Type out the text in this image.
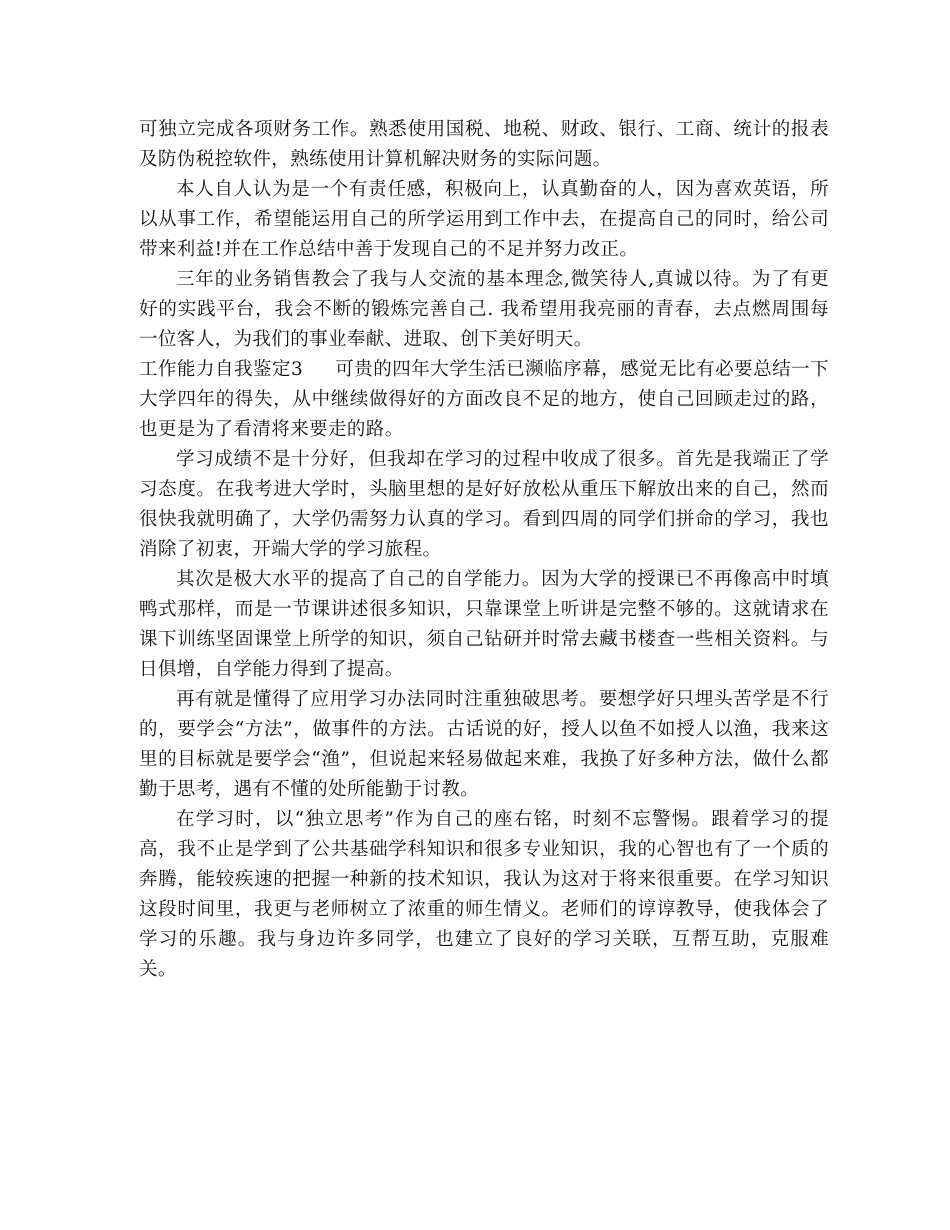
可独立完成各项财务工作。熟悉使用国税、地税、财政、银行、工商、统计的报表及防伪税控软件，熟练使用计算机解决财务的实际问题。

本人自人认为是一个有责任感，积极向上，认真勤奋的人，因为喜欢英语，所以从事工作，希望能运用自己的所学运用到工作中去，在提高自己的同时，给公司带来利益!并在工作总结中善于发现自己的不足并努力改正。

三年的业务销售教会了我与人交流的基本理念,微笑待人,真诚以待。为了有更好的实践平台，我会不断的锻炼完善自己. 我希望用我亮丽的青春，去点燃周围每一位客人，为我们的事业奉献、进取、创下美好明天。

工作能力自我鉴定3 可贵的四年大学生活已濒临序幕，感觉无比有必要总结一下大学四年的得失，从中继续做得好的方面改良不足的地方，使自己回顾走过的路，也更是为了看清将来要走的路。

学习成绩不是十分好，但我却在学习的过程中收成了很多。首先是我端正了学习态度。在我考进大学时，头脑里想的是好好放松从重压下解放出来的自己，然而很快我就明确了，大学仍需努力认真的学习。看到四周的同学们拼命的学习，我也消除了初衷，开端大学的学习旅程。

其次是极大水平的提高了自己的自学能力。因为大学的授课已不再像高中时填鸭式那样，而是一节课讲述很多知识，只靠课堂上听讲是完整不够的。这就请求在课下训练坚固课堂上所学的知识，须自己钻研并时常去藏书楼查一些相关资料。与日俱增，自学能力得到了提高。

再有就是懂得了应用学习办法同时注重独破思考。要想学好只埋头苦学是不行的，要学会“方法”，做事件的方法。古话说的好，授人以鱼不如授人以渔，我来这里的目标就是要学会“渔”，但说起来轻易做起来难，我换了好多种方法，做什么都勤于思考，遇有不懂的处所能勤于讨教。

在学习时，以“独立思考”作为自己的座右铭，时刻不忘警惕。跟着学习的提高，我不止是学到了公共基础学科知识和很多专业知识，我的心智也有了一个质的奔腾，能较疾速的把握一种新的技术知识，我认为这对于将来很重要。在学习知识这段时间里，我更与老师树立了浓重的师生情义。老师们的谆谆教导，使我体会了学习的乐趣。我与身边许多同学，也建立了良好的学习关联，互帮互助，克服难关。
